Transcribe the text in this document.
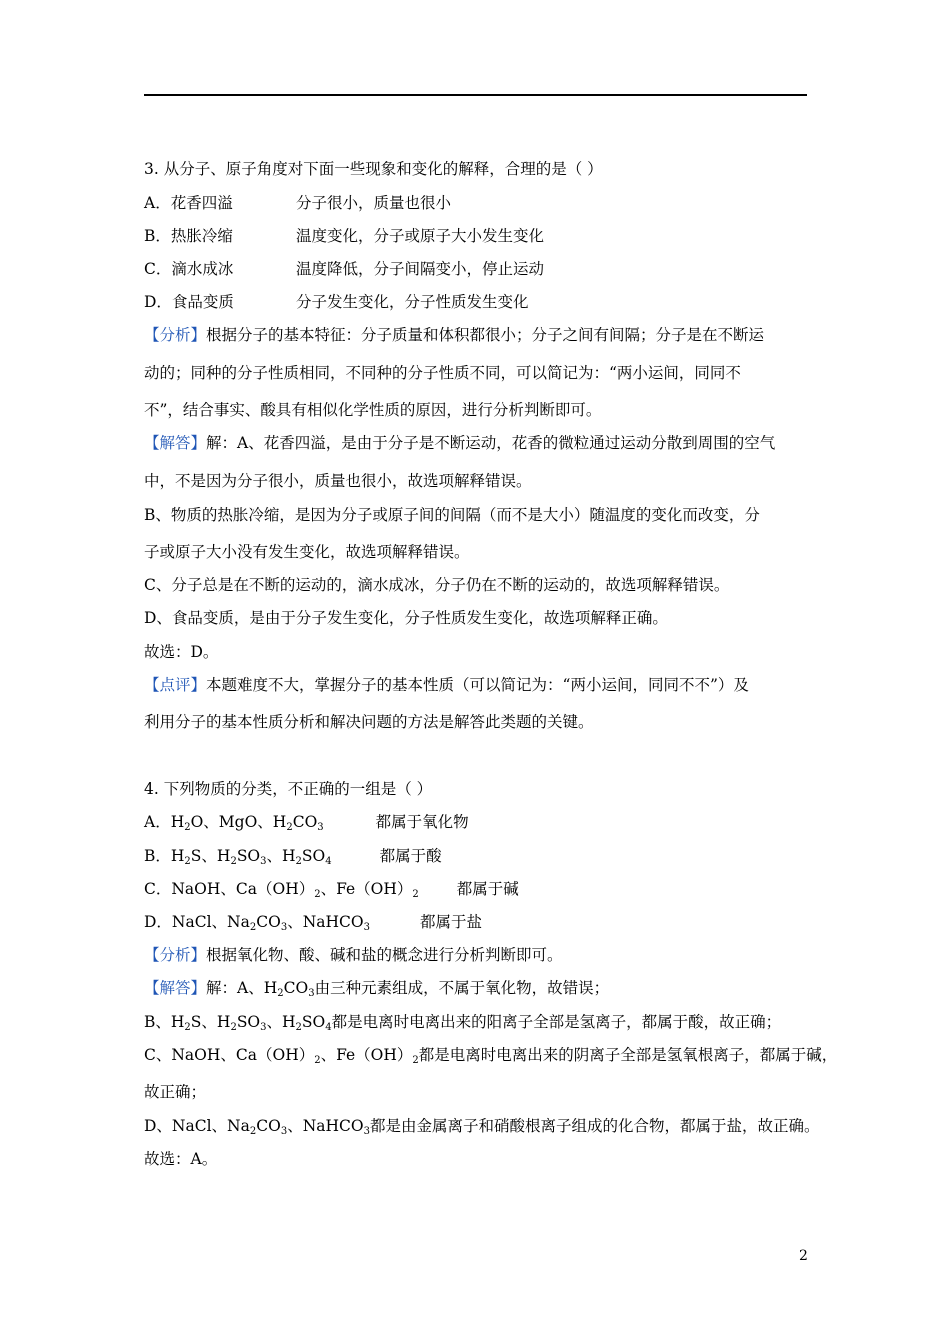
3. 从分子、原子角度对下面一些现象和变化的解释，合理的是（ ）
A．花香四溢	分子很小，质量也很小
B．热胀冷缩	温度变化，分子或原子大小发生变化
C．滴水成冰	温度降低，分子间隔变小，停止运动
D．食品变质	分子发生变化，分子性质发生变化
【分析】根据分子的基本特征：分子质量和体积都很小；分子之间有间隔；分子是在不断运
动的；同种的分子性质相同，不同种的分子性质不同，可以简记为：“两小运间，同同不
不”，结合事实、酸具有相似化学性质的原因，进行分析判断即可。
【解答】解：A、花香四溢，是由于分子是不断运动，花香的微粒通过运动分散到周围的空气
中，不是因为分子很小，质量也很小，故选项解释错误。
B、物质的热胀冷缩，是因为分子或原子间的间隔（而不是大小）随温度的变化而改变，分
子或原子大小没有发生变化，故选项解释错误。
C、分子总是在不断的运动的，滴水成冰，分子仍在不断的运动的，故选项解释错误。
D、食品变质，是由于分子发生变化，分子性质发生变化，故选项解释正确。
故选：D。
【点评】本题难度不大，掌握分子的基本性质（可以简记为：“两小运间，同同不不”）及
利用分子的基本性质分析和解决问题的方法是解答此类题的关键。
4. 下列物质的分类，不正确的一组是（ ）
A．$H_2O$、MgO、$H_2CO_3$	都属于氧化物
B．$H_2S$、$H_2SO_3$、$H_2SO_4$	都属于酸
C．NaOH、$Ca(OH)_2$、$Fe(OH)_2$ 都属于碱
D．NaCl、$Na_2CO_3$、NaHCO$_3$	都属于盐
【分析】根据氧化物、酸、碱和盐的概念进行分析判断即可。
【解答】解：A、$H_2CO_3$由三种元素组成，不属于氧化物，故错误；
B、$H_2S$、$H_2SO_3$、$H_2SO_4$都是电离时电离出来的阳离子全部是氢离子，都属于酸，故正确；
C、NaOH、$Ca(OH)_2$、$Fe(OH)_2$都是电离时电离出来的阴离子全部是氢氧根离子，都属于碱，
故正确；
D、NaCl、$Na_2CO_3$、NaHCO$_3$都是由金属离子和硝酸根离子组成的化合物，都属于盐，故正确。
故选：A。
2
